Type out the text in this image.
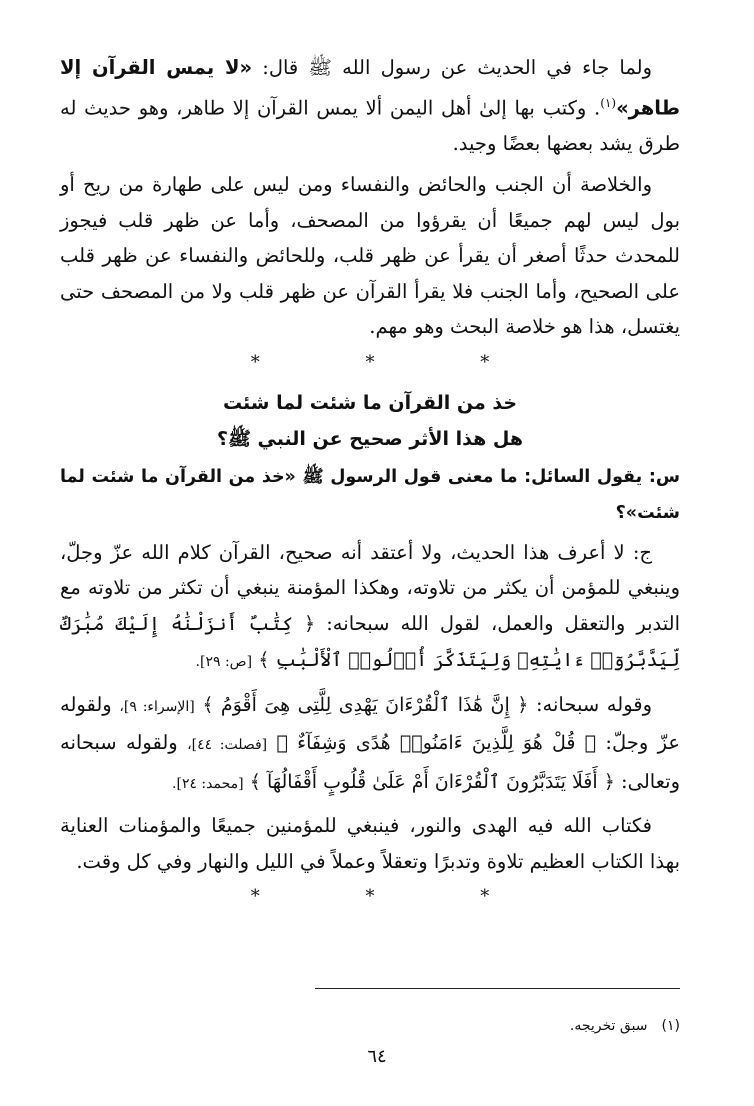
ولما جاء في الحديث عن رسول الله ﷺ قال: «لا يمس القرآن إلا طاهر»$^{(١)}$. وكتب بها إلىٰ أهل اليمن ألا يمس القرآن إلا طاهر، وهو حديث له طرق يشد بعضها بعضًا وجيد.

والخلاصة أن الجنب والحائض والنفساء ومن ليس على طهارة من ريح أو بول ليس لهم جميعًا أن يقرؤوا من المصحف، وأما عن ظهر قلب فيجوز للمحدث حدثًا أصغر أن يقرأ عن ظهر قلب، وللحائض والنفساء عن ظهر قلب على الصحيح، وأما الجنب فلا يقرأ القرآن عن ظهر قلب ولا من المصحف حتى يغتسل، هذا هو خلاصة البحث وهو مهم.

* * *

خذ من القرآن ما شئت لما شئت

هل هذا الأثر صحيح عن النبي ﷺ؟

س: يقول السائل: ما معنى قول الرسول ﷺ «خذ من القرآن ما شئت لما شئت»؟

ج: لا أعرف هذا الحديث، ولا أعتقد أنه صحيح، القرآن كلام الله عزّ وجلّ، وينبغي للمؤمن أن يكثر من تلاوته، وهكذا المؤمنة ينبغي أن تكثر من تلاوته مع التدبر والتعقل والعمل، لقول الله سبحانه: ﴿ كِتَٰبٌ أَنزَلْنَٰهُ إِلَيْكَ مُبَٰرَكٌ لِّيَدَّبَّرُوٓا۟ ءَايَٰتِهِۦ وَلِيَتَذَكَّرَ أُو۟لُوا۟ ٱلْأَلْبَٰبِ ﴾ [ص: ٢٩].

وقوله سبحانه: ﴿ إِنَّ هَٰذَا ٱلْقُرْءَانَ يَهْدِى لِلَّتِى هِىَ أَقْوَمُ ﴾ [الإسراء: ٩]، ولقوله عزّ وجلّ: ﴿ قُلْ هُوَ لِلَّذِينَ ءَامَنُوا۟ هُدًى وَشِفَآءٌ ﴾ [فصلت: ٤٤]، ولقوله سبحانه وتعالى: ﴿ أَفَلَا يَتَدَبَّرُونَ ٱلْقُرْءَانَ أَمْ عَلَىٰ قُلُوبٍ أَقْفَالُهَآ ﴾ [محمد: ٢٤].

فكتاب الله فيه الهدى والنور، فينبغي للمؤمنين جميعًا والمؤمنات العناية بهذا الكتاب العظيم تلاوة وتدبرًا وتعقلاً وعملاً في الليل والنهار وفي كل وقت.

* * *
(١)سبق تخريجه.
٦٤
